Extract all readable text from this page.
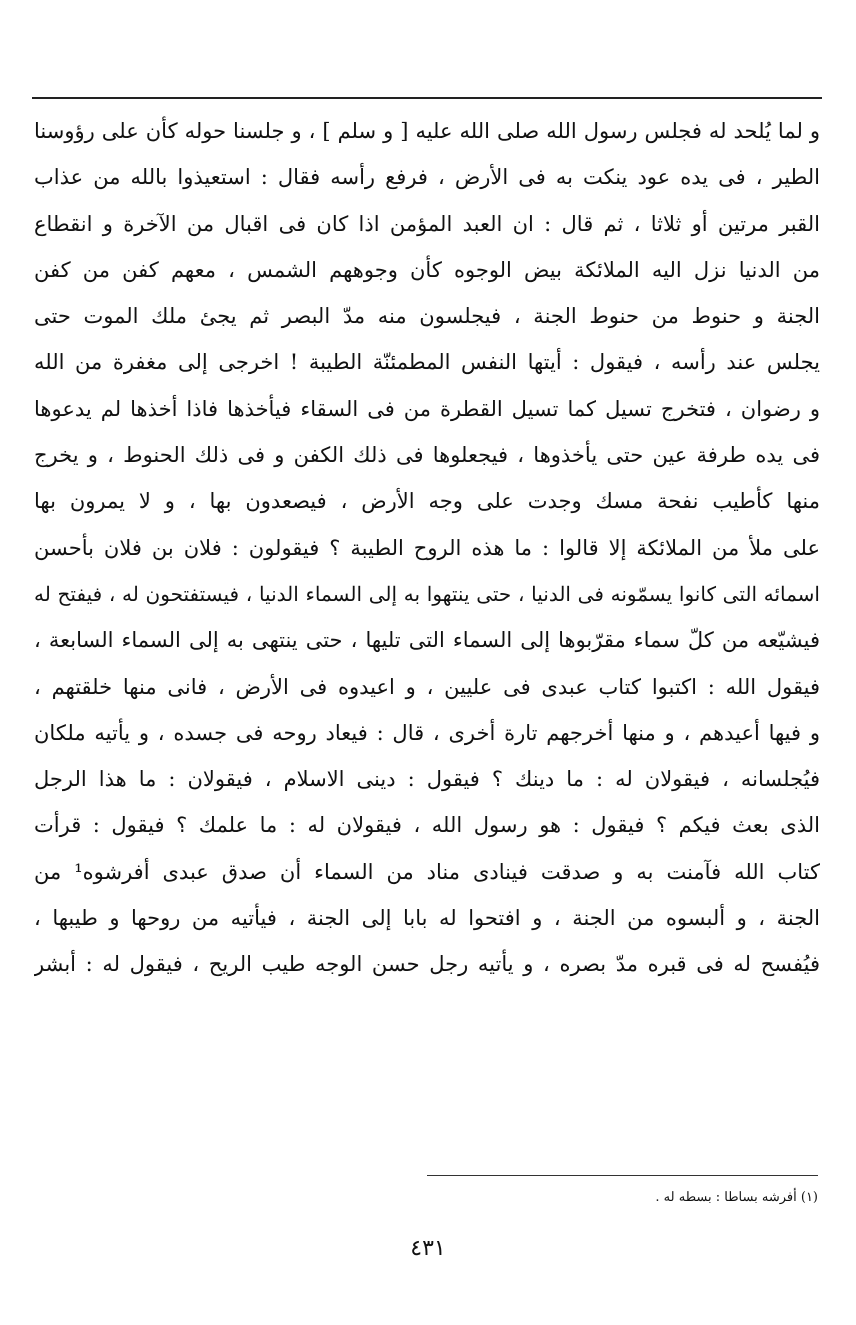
و لما يُلحد له فجلس رسول الله صلى الله عليه [ و سلم ] ، و جلسنا حوله كأن على رؤوسنا
الطير ، فى يده عود ينكت به فى الأرض ، فرفع رأسه فقال : استعيذوا بالله من عذاب
القبر مرتين أو ثلاثا ، ثم قال : ان العبد المؤمن اذا كان فى اقبال من الآخرة و انقطاع
من الدنيا نزل اليه الملائكة بيض الوجوه كأن وجوههم الشمس ، معهم كفن من كفن
الجنة و حنوط من حنوط الجنة ، فيجلسون منه مدّ البصر ثم يجئ ملك الموت حتى
يجلس عند رأسه ، فيقول : أيتها النفس المطمئنّة الطيبة ! اخرجى إلى مغفرة من الله
و رضوان ، فتخرج تسيل كما تسيل القطرة من فى السقاء فيأخذها فاذا أخذها لم يدعوها
فى يده طرفة عين حتى يأخذوها ، فيجعلوها فى ذلك الكفن و فى ذلك الحنوط ، و يخرج
منها كأطيب نفحة مسك وجدت على وجه الأرض ، فيصعدون بها ، و لا يمرون بها
على ملأ من الملائكة إلا قالوا : ما هذه الروح الطيبة ؟ فيقولون : فلان بن فلان بأحسن
اسمائه التى كانوا يسمّونه فى الدنيا ، حتى ينتهوا به إلى السماء الدنيا ، فيستفتحون له ، فيفتح له
فيشيّعه من كلّ سماء مقرّبوها إلى السماء التى تليها ، حتى ينتهى به إلى السماء السابعة ،
فيقول الله : اكتبوا كتاب عبدى فى عليين ، و اعيدوه فى الأرض ، فانى منها خلقتهم ،
و فيها أعيدهم ، و منها أخرجهم تارة أخرى ، قال : فيعاد روحه فى جسده ، و يأتيه ملكان
فيُجلسانه ، فيقولان له : ما دينك ؟ فيقول : دينى الاسلام ، فيقولان : ما هذا الرجل
الذى بعث فيكم ؟ فيقول : هو رسول الله ، فيقولان له : ما علمك ؟ فيقول : قرأت
كتاب الله فآمنت به و صدقت فينادى مناد من السماء أن صدق عبدى أفرشوه¹ من
الجنة ، و ألبسوه من الجنة ، و افتحوا له بابا إلى الجنة ، فيأتيه من روحها و طيبها ،
فيُفسح له فى قبره مدّ بصره ، و يأتيه رجل حسن الوجه طيب الريح ، فيقول له : أبشر
(١) أفرشه بساطا : بسطه له .
٤٣١
